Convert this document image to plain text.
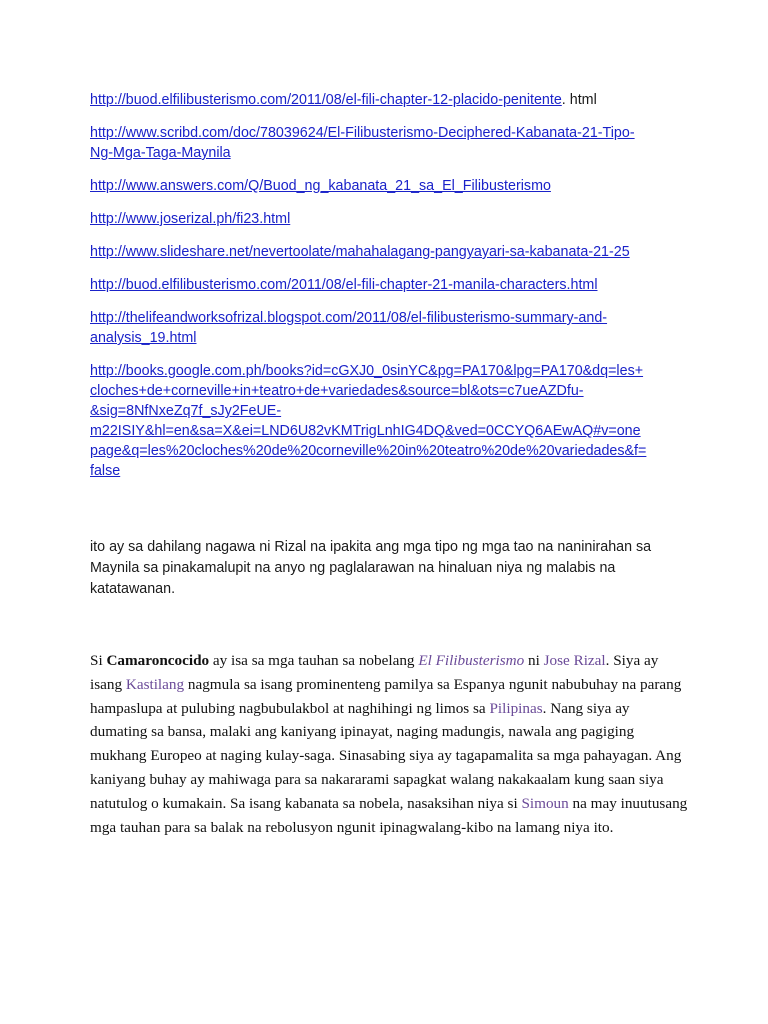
http://buod.elfilibusterismo.com/2011/08/el-fili-chapter-12-placido-penitente. html
http://www.scribd.com/doc/78039624/El-Filibusterismo-Deciphered-Kabanata-21-Tipo-
Ng-Mga-Taga-Maynila
http://www.answers.com/Q/Buod_ng_kabanata_21_sa_El_Filibusterismo
http://www.joserizal.ph/fi23.html
http://www.slideshare.net/nevertoolate/mahahalagang-pangyayari-sa-kabanata-21-25
http://buod.elfilibusterismo.com/2011/08/el-fili-chapter-21-manila-characters.html
http://thelifeandworksofrizal.blogspot.com/2011/08/el-filibusterismo-summary-and-
analysis_19.html
http://books.google.com.ph/books?id=cGXJ0_0sinYC&pg=PA170&lpg=PA170&dq=les+
cloches+de+corneville+in+teatro+de+variedades&source=bl&ots=c7ueAZDfu-
&sig=8NfNxeZq7f_sJy2FeUE-
m22ISIY&hl=en&sa=X&ei=LND6U82vKMTrigLnhIG4DQ&ved=0CCYQ6AEwAQ#v=one
page&q=les%20cloches%20de%20corneville%20in%20teatro%20de%20variedades&f=
false

ito ay sa dahilang nagawa ni Rizal na ipakita ang mga tipo ng mga tao na naninirahan sa Maynila sa pinakamalupit na anyo ng paglalarawan na hinaluan niya ng malabis na katatawanan.

Si Camaroncocido ay isa sa mga tauhan sa nobelang El Filibusterismo ni Jose Rizal. Siya ay isang Kastilang nagmula sa isang prominenteng pamilya sa Espanya ngunit nabubuhay na parang hampaslupa at pulubing nagbubulakbol at naghihingi ng limos sa Pilipinas. Nang siya ay dumating sa bansa, malaki ang kaniyang ipinayat, naging madungis, nawala ang pagiging mukhang Europeo at naging kulay-saga. Sinasabing siya ay tagapamalita sa mga pahayagan. Ang kaniyang buhay ay mahiwaga para sa nakararami sapagkat walang nakakaalam kung saan siya natutulog o kumakain. Sa isang kabanata sa nobela, nasaksihan niya si Simoun na may inuutusang mga tauhan para sa balak na rebolusyon ngunit ipinagwalang-kibo na lamang niya ito.
